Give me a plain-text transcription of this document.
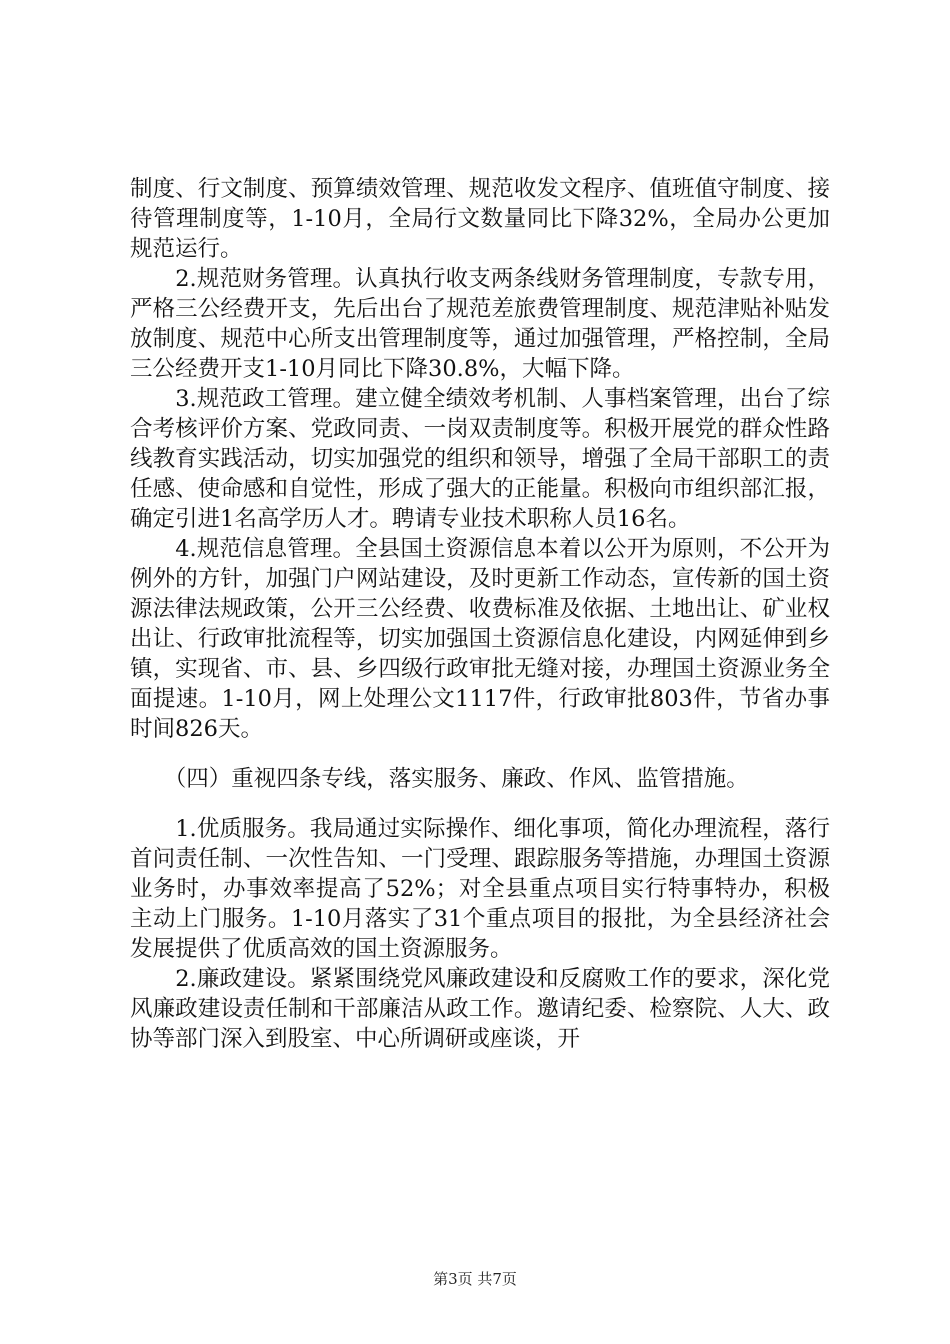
制度、行文制度、预算绩效管理、规范收发文程序、值班值守制度、接待管理制度等，1-10月，全局行文数量同比下降32%，全局办公更加规范运行。

　　2.规范财务管理。认真执行收支两条线财务管理制度，专款专用，严格三公经费开支，先后出台了规范差旅费管理制度、规范津贴补贴发放制度、规范中心所支出管理制度等，通过加强管理，严格控制，全局三公经费开支1-10月同比下降30.8%，大幅下降。

　　3.规范政工管理。建立健全绩效考机制、人事档案管理，出台了综合考核评价方案、党政同责、一岗双责制度等。积极开展党的群众性路线教育实践活动，切实加强党的组织和领导，增强了全局干部职工的责任感、使命感和自觉性，形成了强大的正能量。积极向市组织部汇报，确定引进1名高学历人才。聘请专业技术职称人员16名。

　　4.规范信息管理。全县国土资源信息本着以公开为原则，不公开为例外的方针，加强门户网站建设，及时更新工作动态，宣传新的国土资源法律法规政策，公开三公经费、收费标准及依据、土地出让、矿业权出让、行政审批流程等，切实加强国土资源信息化建设，内网延伸到乡镇，实现省、市、县、乡四级行政审批无缝对接，办理国土资源业务全面提速。1-10月，网上处理公文1117件，行政审批803件，节省办事时间826天。

　　（四）重视四条专线，落实服务、廉政、作风、监管措施。

　　1.优质服务。我局通过实际操作、细化事项，简化办理流程，落行首问责任制、一次性告知、一门受理、跟踪服务等措施，办理国土资源业务时，办事效率提高了52%；对全县重点项目实行特事特办，积极主动上门服务。1-10月落实了31个重点项目的报批，为全县经济社会发展提供了优质高效的国土资源服务。

　　2.廉政建设。紧紧围绕党风廉政建设和反腐败工作的要求，深化党风廉政建设责任制和干部廉洁从政工作。邀请纪委、检察院、人大、政协等部门深入到股室、中心所调研或座谈，开

第3页 共7页
